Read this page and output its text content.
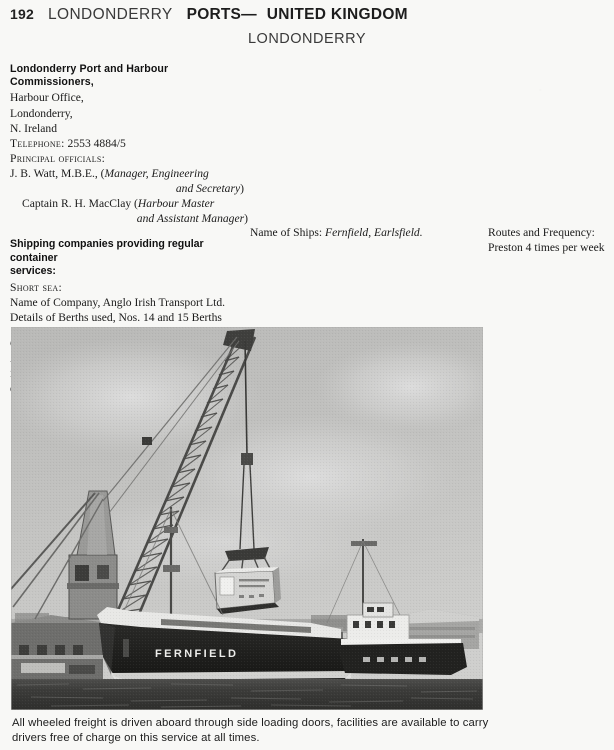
192 LONDONDERRY PORTS— UNITED KINGDOM
LONDONDERRY
Londonderry Port and Harbour Commissioners,
Harbour Office,
Londonderry,
N. Ireland
Telephone: 2553 4884/5
Principal officials:
J. B. Watt, M.B.E., (Manager, Engineering
and Secretary)
Captain R. H. MacClay (Harbour Master
and Assistant Manager)
Shipping companies providing regular container
services:
Short sea:
Name of Company, Anglo Irish Transport Ltd.
Details of Berths used, Nos. 14 and 15 Berths
Name of Ships: Fernfield, Earlsfield.	Routes and Frequency:
Preston 4 times per week
All wheeled freight is driven aboard through side loading doors, facilities are available to carry
drivers free of charge on this service at all times.
